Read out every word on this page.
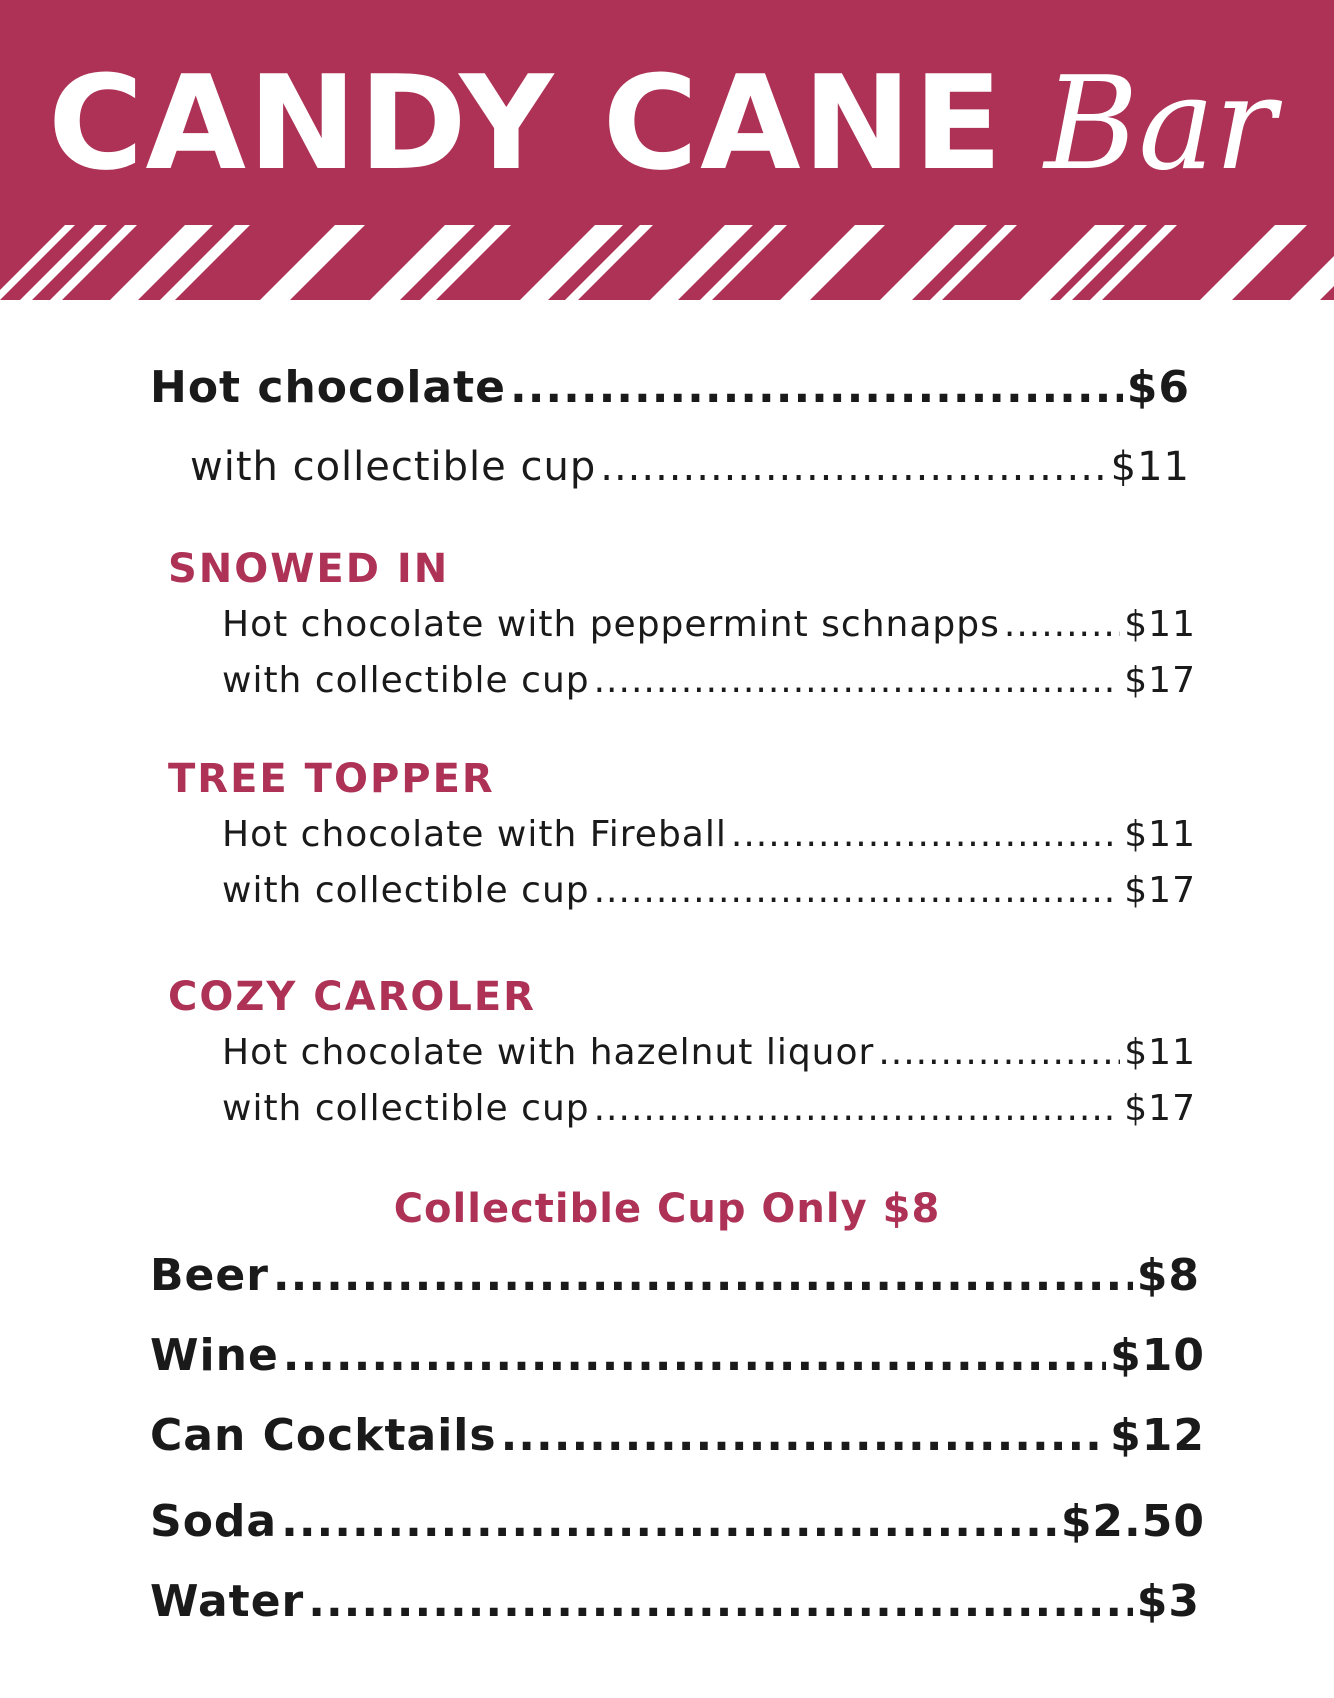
CANDY CANE Bar
Hot chocolate .....	$6
with collectible cup .....	$11
SNOWED IN
Hot chocolate with peppermint schnapps .....	$11
with collectible cup .....	$17
TREE TOPPER
Hot chocolate with Fireball .....	$11
with collectible cup .....	$17
COZY CAROLER
Hot chocolate with hazelnut liquor .....	$11
with collectible cup .....	$17
Collectible Cup Only $8
Beer .....	$8
Wine .....	$10
Can Cocktails .....	$12
Soda .....	$2.50
Water .....	$3
